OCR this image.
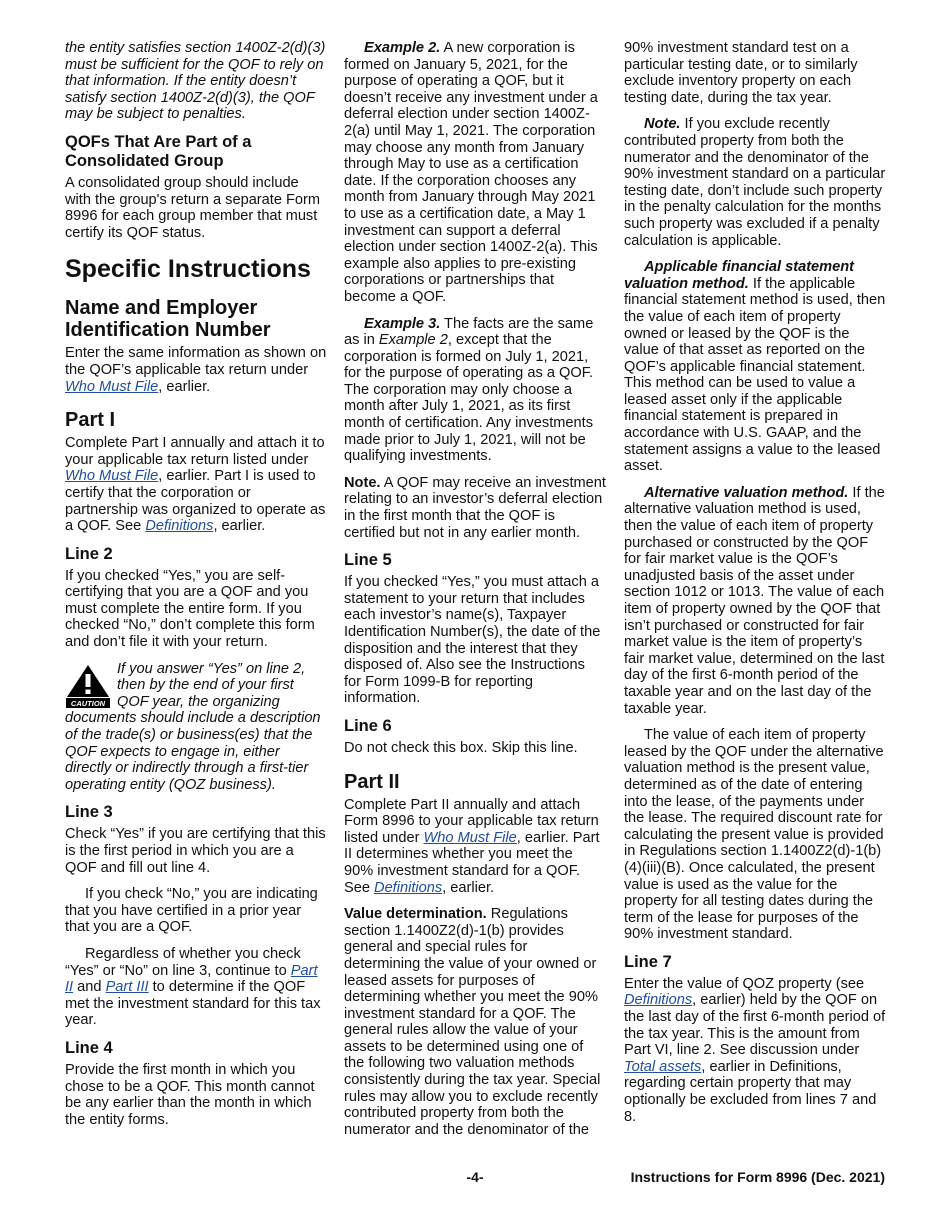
the entity satisfies section 1400Z-2(d)(3) must be sufficient for the QOF to rely on that information. If the entity doesn’t satisfy section 1400Z-2(d)(3), the QOF may be subject to penalties.

QOFs That Are Part of a Consolidated Group

A consolidated group should include with the group's return a separate Form 8996 for each group member that must certify its QOF status.

Specific Instructions
Name and Employer Identification Number

Enter the same information as shown on the QOF’s applicable tax return under Who Must File, earlier.

Part I

Complete Part I annually and attach it to your applicable tax return listed under Who Must File, earlier. Part I is used to certify that the corporation or partnership was organized to operate as a QOF. See Definitions, earlier.

Line 2

If you checked “Yes,” you are self-certifying that you are a QOF and you must complete the entire form. If you checked “No,” don’t complete this form and don’t file it with your return.

CAUTION
If you answer “Yes” on line 2, then by the end of your first QOF year, the organizing documents should include a description of the trade(s) or business(es) that the QOF expects to engage in, either directly or indirectly through a first-tier operating entity (QOZ business).
Line 3

Check “Yes” if you are certifying that this is the first period in which you are a QOF and fill out line 4.

If you check “No,” you are indicating that you have certified in a prior year that you are a QOF.

Regardless of whether you check “Yes” or “No” on line 3, continue to Part II and Part III to determine if the QOF met the investment standard for this tax year.

Line 4

Provide the first month in which you chose to be a QOF. This month cannot be any earlier than the month in which the entity forms.

Example 2. A new corporation is formed on January 5, 2021, for the purpose of operating a QOF, but it doesn’t receive any investment under a deferral election under section 1400Z-2(a) until May 1, 2021. The corporation may choose any month from January through May to use as a certification date. If the corporation chooses any month from January through May 2021 to use as a certification date, a May 1 investment can support a deferral election under section 1400Z-2(a). This example also applies to pre-existing corporations or partnerships that become a QOF.

Example 3. The facts are the same as in Example 2, except that the corporation is formed on July 1, 2021, for the purpose of operating as a QOF. The corporation may only choose a month after July 1, 2021, as its first month of certification. Any investments made prior to July 1, 2021, will not be qualifying investments.

Note. A QOF may receive an investment relating to an investor’s deferral election in the first month that the QOF is certified but not in any earlier month.

Line 5

If you checked “Yes,” you must attach a statement to your return that includes each investor’s name(s), Taxpayer Identification Number(s), the date of the disposition and the interest that they disposed of. Also see the Instructions for Form 1099-B for reporting information.

Line 6

Do not check this box. Skip this line.

Part II

Complete Part II annually and attach Form 8996 to your applicable tax return listed under Who Must File, earlier. Part II determines whether you meet the 90% investment standard for a QOF. See Definitions, earlier.

Value determination. Regulations section 1.1400Z2(d)-1(b) provides general and special rules for determining the value of your owned or leased assets for purposes of determining whether you meet the 90% investment standard for a QOF. The general rules allow the value of your assets to be determined using one of the following two valuation methods consistently during the tax year. Special rules may allow you to exclude recently contributed property from both the numerator and the denominator of the

90% investment standard test on a particular testing date, or to similarly exclude inventory property on each testing date, during the tax year.

Note. If you exclude recently contributed property from both the numerator and the denominator of the 90% investment standard on a particular testing date, don’t include such property in the penalty calculation for the months such property was excluded if a penalty calculation is applicable.

Applicable financial statement valuation method. If the applicable financial statement method is used, then the value of each item of property owned or leased by the QOF is the value of that asset as reported on the QOF’s applicable financial statement. This method can be used to value a leased asset only if the applicable financial statement is prepared in accordance with U.S. GAAP, and the statement assigns a value to the leased asset.

Alternative valuation method. If the alternative valuation method is used, then the value of each item of property purchased or constructed by the QOF for fair market value is the QOF’s unadjusted basis of the asset under section 1012 or 1013. The value of each item of property owned by the QOF that isn’t purchased or constructed for fair market value is the item of property’s fair market value, determined on the last day of the first 6-month period of the taxable year and on the last day of the taxable year.

The value of each item of property leased by the QOF under the alternative valuation method is the present value, determined as of the date of entering into the lease, of the payments under the lease. The required discount rate for calculating the present value is provided in Regulations section 1.1400Z2(d)-1(b)(4)(iii)(B). Once calculated, the present value is used as the value for the property for all testing dates during the term of the lease for purposes of the 90% investment standard.

Line 7

Enter the value of QOZ property (see Definitions, earlier) held by the QOF on the last day of the first 6-month period of the tax year. This is the amount from Part VI, line 2. See discussion under Total assets, earlier in Definitions, regarding certain property that may optionally be excluded from lines 7 and 8.

-4-	Instructions for Form 8996 (Dec. 2021)
